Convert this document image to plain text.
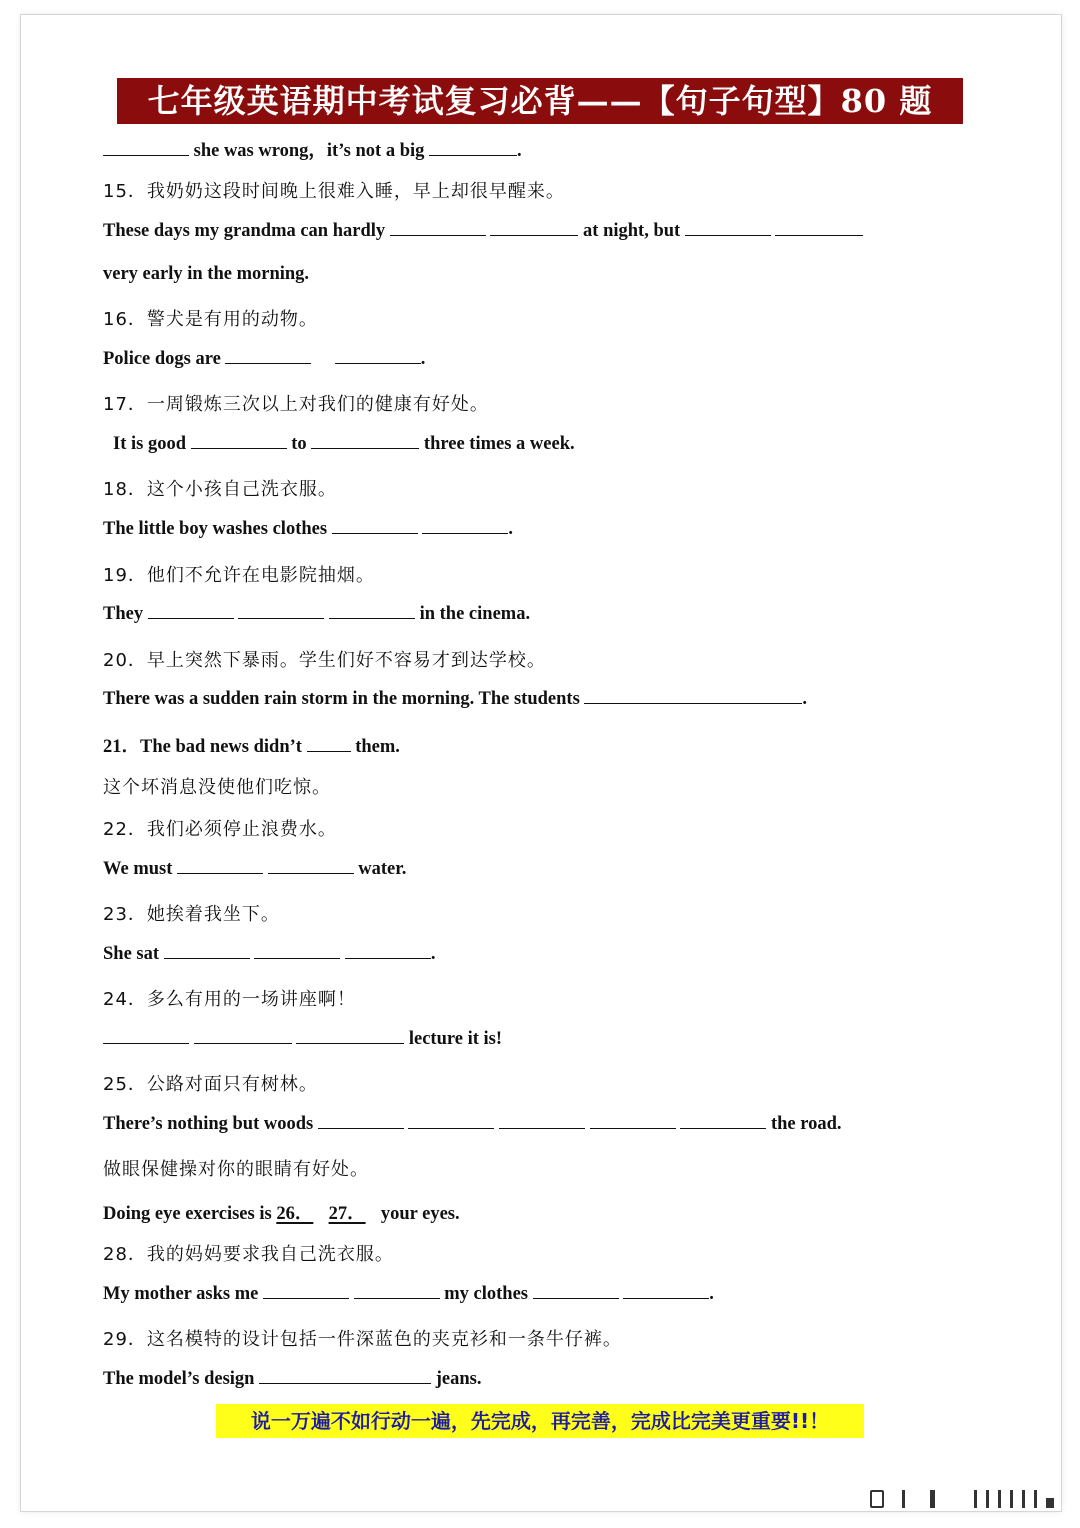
七年级英语期中考试复习必背——【句子句型】80 题
she was wrong，it’s not a big	.
15．我奶奶这段时间晚上很难入睡，早上却很早醒来。
These days my grandma can hardly	at night, but
very early in the morning.
16．警犬是有用的动物。
Police dogs are	.
17．一周锻炼三次以上对我们的健康有好处。
It is good	to	three times a week.
18．这个小孩自己洗衣服。
The little boy washes clothes	.
19．他们不允许在电影院抽烟。
They	in the cinema.
20．早上突然下暴雨。学生们好不容易才到达学校。
There was a sudden rain storm in the morning. The students	.
21．The bad news didn’t	them.
这个坏消息没使他们吃惊。
22．我们必须停止浪费水。
We must	water.
23．她挨着我坐下。
She sat	.
24．多么有用的一场讲座啊！
lecture it is!
25．公路对面只有树林。
There’s nothing but woods	the road.
做眼保健操对你的眼睛有好处。
Doing eye exercises is 26． 27． your eyes.
28．我的妈妈要求我自己洗衣服。
My mother asks me	my clothes	.
29．这名模特的设计包括一件深蓝色的夹克衫和一条牛仔裤。
The model’s design	jeans.
说一万遍不如行动一遍，先完成，再完善，完成比完美更重要!!！
